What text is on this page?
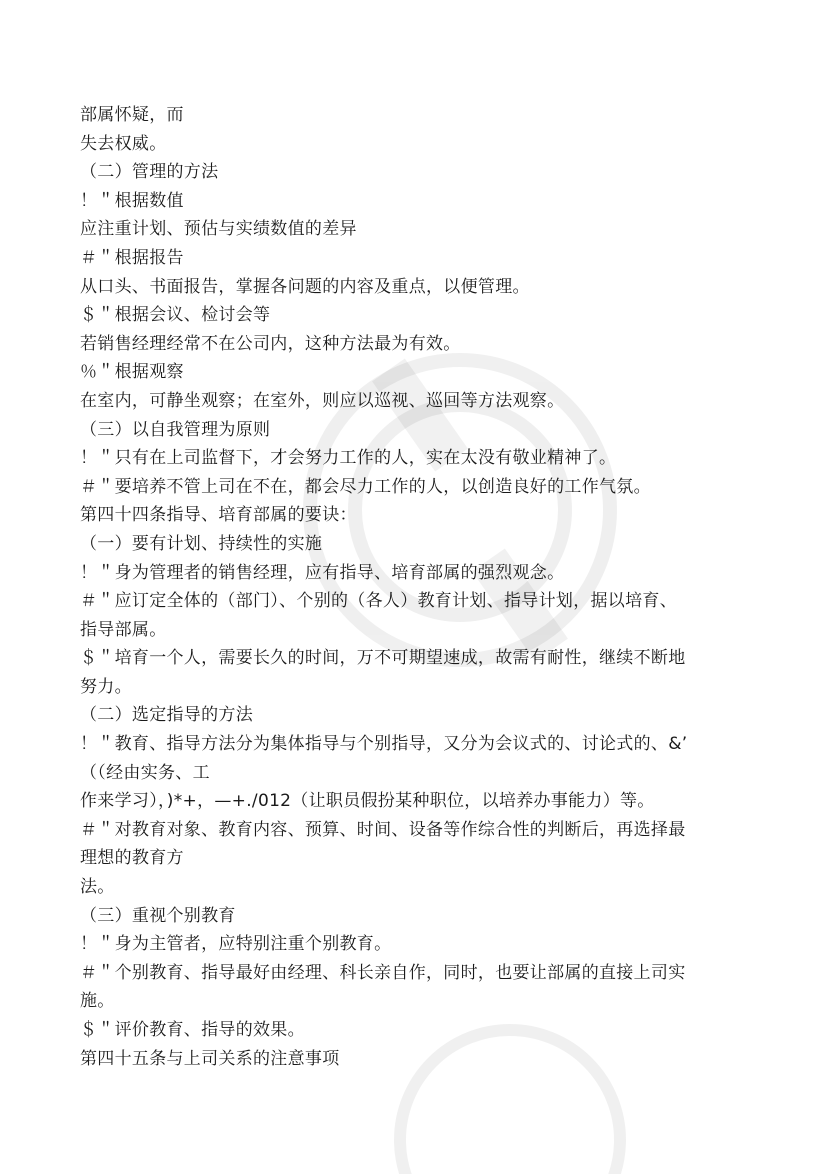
部属怀疑，而
失去权威。
（二）管理的方法
！＂根据数值
应注重计划、预估与实绩数值的差异
＃＂根据报告
从口头、书面报告，掌握各问题的内容及重点，以便管理。
＄＂根据会议、检讨会等
若销售经理经常不在公司内，这种方法最为有效。
％＂根据观察
在室内，可静坐观察；在室外，则应以巡视、巡回等方法观察。
（三）以自我管理为原则
！＂只有在上司监督下，才会努力工作的人，实在太没有敬业精神了。
＃＂要培养不管上司在不在，都会尽力工作的人，以创造良好的工作气氛。
第四十四条指导、培育部属的要诀：
（一）要有计划、持续性的实施
！＂身为管理者的销售经理，应有指导、培育部属的强烈观念。
＃＂应订定全体的（部门）、个别的（各人）教育计划、指导计划，据以培育、
指导部属。
＄＂培育一个人，需要长久的时间，万不可期望速成，故需有耐性，继续不断地
努力。
（二）选定指导的方法
！＂教育、指导方法分为集体指导与个别指导，又分为会议式的、讨论式的、&’
（（经由实务、工
作来学习），)*+，—+./012（让职员假扮某种职位，以培养办事能力）等。
＃＂对教育对象、教育内容、预算、时间、设备等作综合性的判断后，再选择最
理想的教育方
法。
（三）重视个别教育
！＂身为主管者，应特别注重个别教育。
＃＂个别教育、指导最好由经理、科长亲自作，同时，也要让部属的直接上司实
施。
＄＂评价教育、指导的效果。
第四十五条与上司关系的注意事项
